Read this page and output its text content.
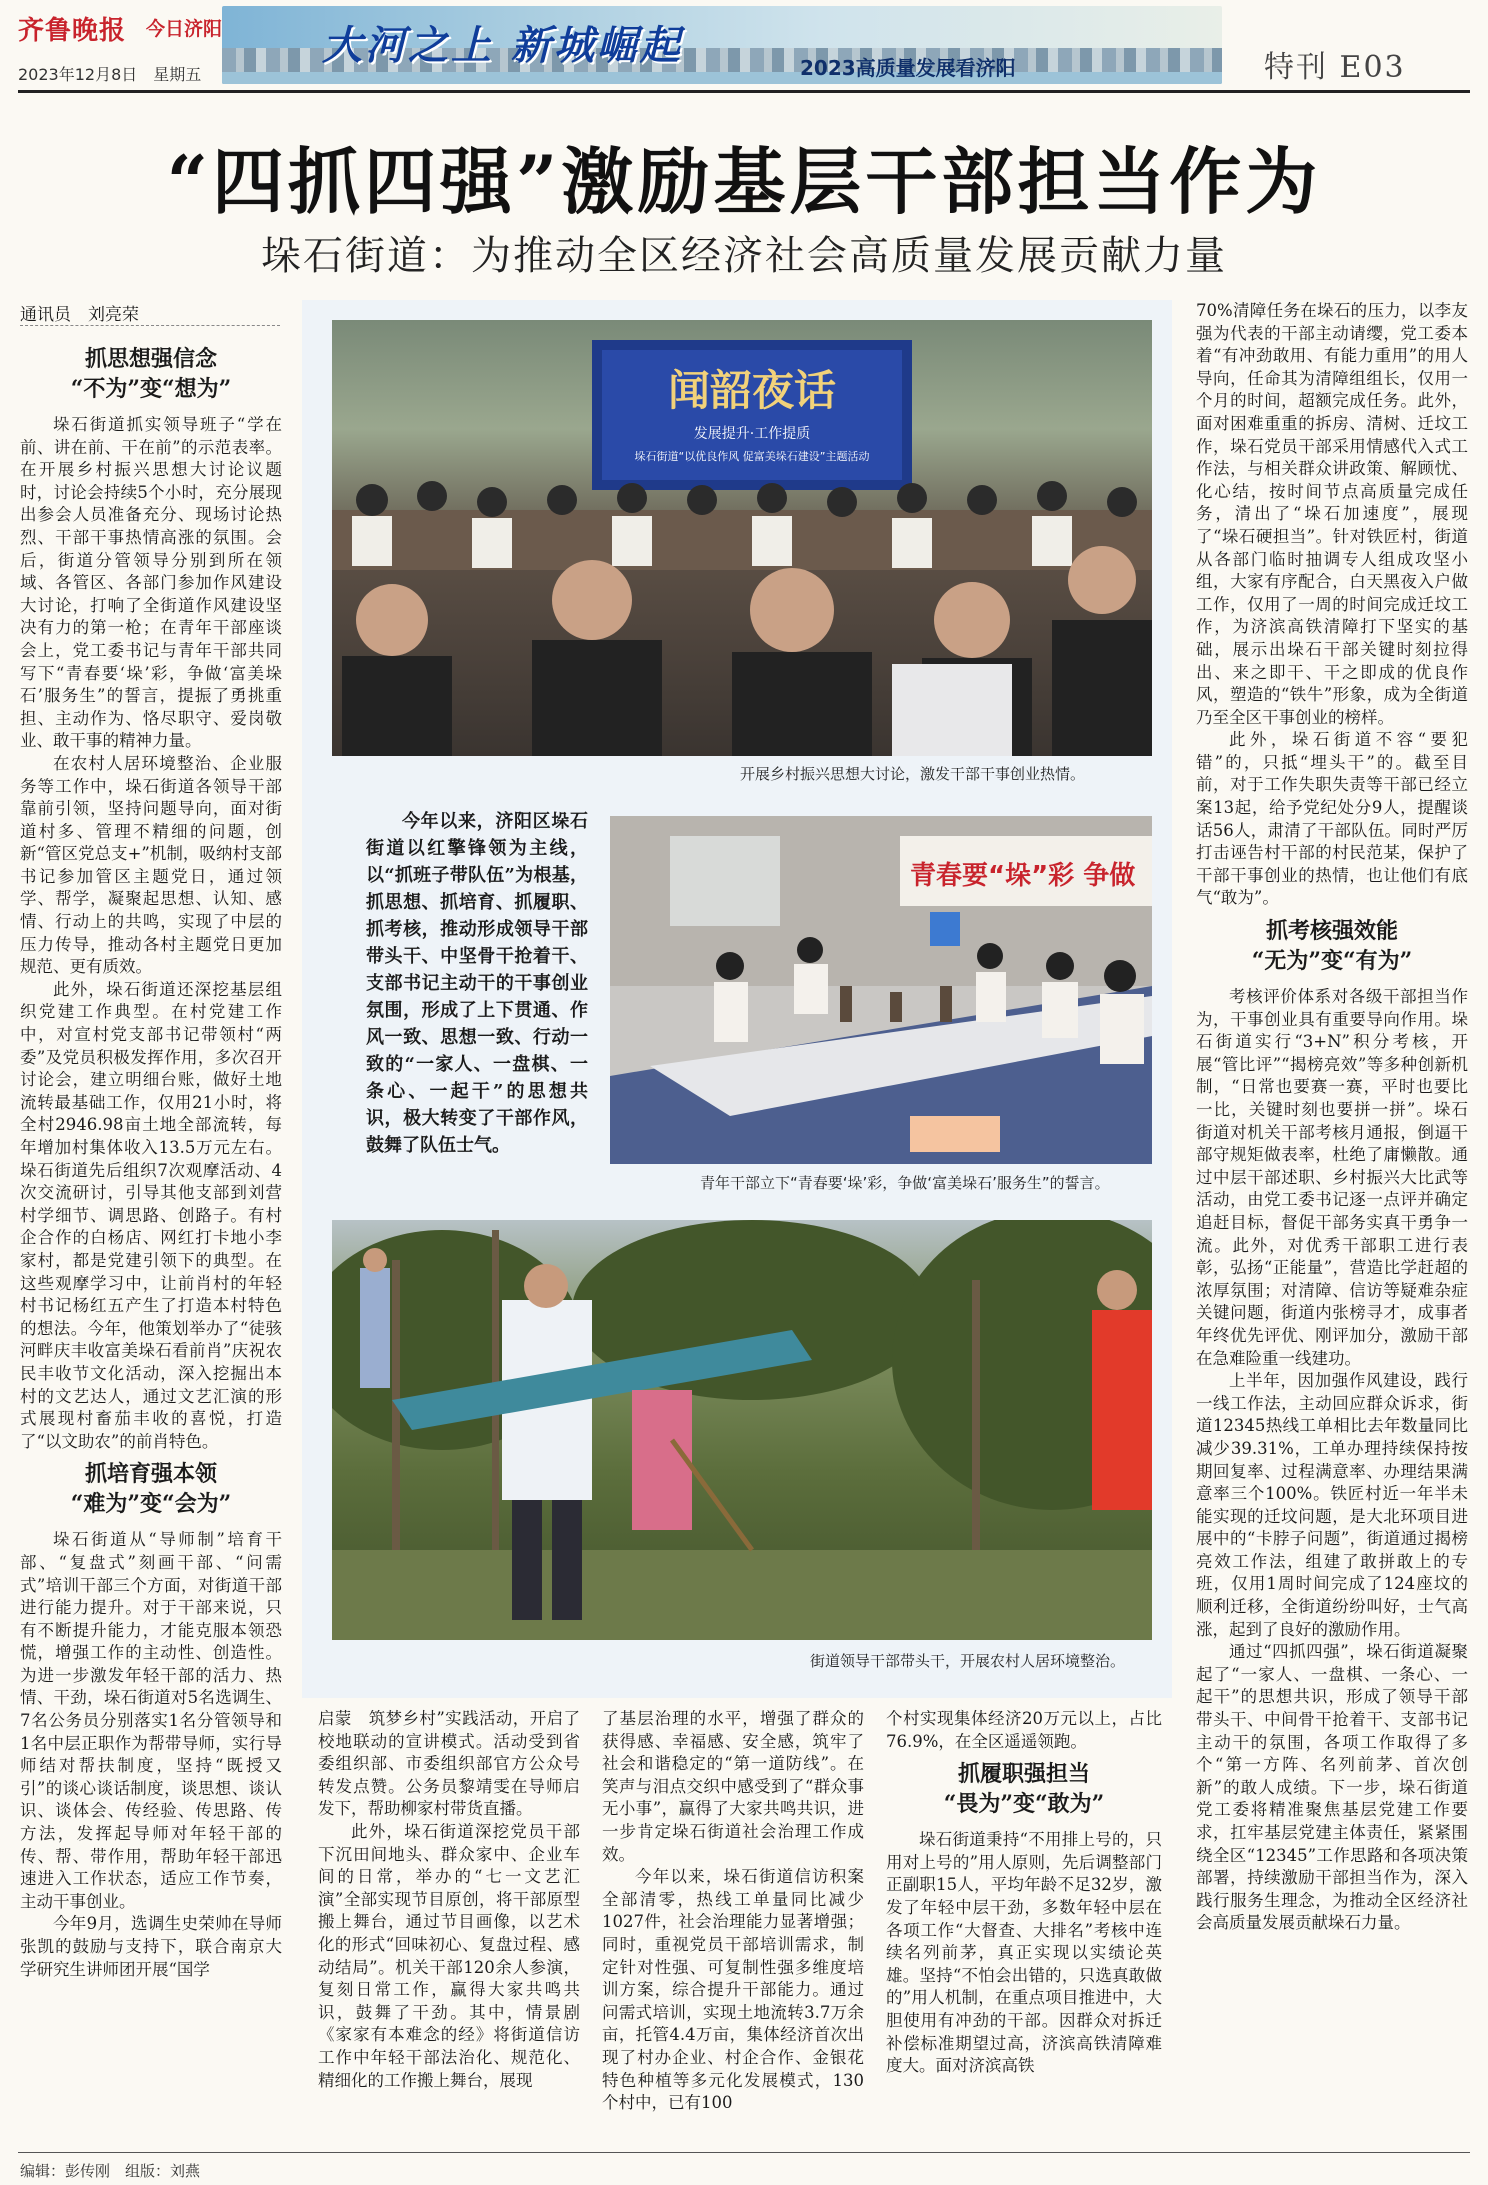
齐鲁晚报 今日济阳
2023年12月8日　 星期五
大河之上 新城崛起	2023高质量发展看济阳	特刊 E03
“四抓四强”激励基层干部担当作为
垛石街道：为推动全区经济社会高质量发展贡献力量
通讯员　刘亮荣
抓思想强信念
“不为”变“想为”

垛石街道抓实领导班子“学在前、讲在前、干在前”的示范表率。在开展乡村振兴思想大讨论议题时，讨论会持续5个小时，充分展现出参会人员准备充分、现场讨论热烈、干部干事热情高涨的氛围。会后，街道分管领导分别到所在领域、各管区、各部门参加作风建设大讨论，打响了全街道作风建设坚决有力的第一枪；在青年干部座谈会上，党工委书记与青年干部共同写下“青春要‘垛’彩，争做‘富美垛石’服务生”的誓言，提振了勇挑重担、主动作为、恪尽职守、爱岗敬业、敢干事的精神力量。

在农村人居环境整治、企业服务等工作中，垛石街道各领导干部靠前引领，坚持问题导向，面对街道村多、管理不精细的问题，创新“管区党总支+”机制，吸纳村支部书记参加管区主题党日，通过领学、帮学，凝聚起思想、认知、感情、行动上的共鸣，实现了中层的压力传导，推动各村主题党日更加规范、更有质效。

此外，垛石街道还深挖基层组织党建工作典型。在村党建工作中，对宣村党支部书记带领村“两委”及党员积极发挥作用，多次召开讨论会，建立明细台账，做好土地流转最基础工作，仅用21小时，将全村2946.98亩土地全部流转，每年增加村集体收入13.5万元左右。垛石街道先后组织7次观摩活动、4次交流研讨，引导其他支部到刘营村学细节、调思路、创路子。有村企合作的白杨店、网红打卡地小李家村，都是党建引领下的典型。在这些观摩学习中，让前肖村的年轻村书记杨红五产生了打造本村特色的想法。今年，他策划举办了“徒骇河畔庆丰收富美垛石看前肖”庆祝农民丰收节文化活动，深入挖掘出本村的文艺达人，通过文艺汇演的形式展现村畜茄丰收的喜悦，打造了“以文助农”的前肖特色。

抓培育强本领
“难为”变“会为”

垛石街道从“导师制”培育干部、“复盘式”刻画干部、“问需式”培训干部三个方面，对街道干部进行能力提升。对于干部来说，只有不断提升能力，才能克服本领恐慌，增强工作的主动性、创造性。为进一步激发年轻干部的活力、热情、干劲，垛石街道对5名选调生、7名公务员分别落实1名分管领导和1名中层正职作为帮带导师，实行导师结对帮扶制度，坚持“既授又引”的谈心谈话制度，谈思想、谈认识、谈体会、传经验、传思路、传方法，发挥起导师对年轻干部的传、帮、带作用，帮助年轻干部迅速进入工作状态，适应工作节奏，主动干事创业。

今年9月，选调生史荣帅在导师张凯的鼓励与支持下，联合南京大学研究生讲师团开展“国学

闻韶夜话
发展提升·工作提质
垛石街道“以优良作风 促富美垛石建设”主题活动
开展乡村振兴思想大讨论，激发干部干事创业热情。

今年以来，济阳区垛石街道以红擎锋领为主线，以“抓班子带队伍”为根基，抓思想、抓培育、抓履职、抓考核，推动形成领导干部带头干、中坚骨干抢着干、支部书记主动干的干事创业氛围，形成了上下贯通、作风一致、思想一致、行动一致的“一家人、一盘棋、一条心、一起干”的思想共识，极大转变了干部作风，鼓舞了队伍士气。

青春要“垛”彩 争做
青年干部立下“青春要‘垛’彩，争做‘富美垛石’服务生”的誓言。
街道领导干部带头干，开展农村人居环境整治。

启蒙　筑梦乡村”实践活动，开启了校地联动的宣讲模式。活动受到省委组织部、市委组织部官方公众号转发点赞。公务员黎靖雯在导师启发下，帮助柳家村带货直播。

此外，垛石街道深挖党员干部下沉田间地头、群众家中、企业车间的日常，举办的“七一文艺汇演”全部实现节目原创，将干部原型搬上舞台，通过节目画像，以艺术化的形式“回味初心、复盘过程、感动结局”。机关干部120余人参演，复刻日常工作，赢得大家共鸣共识，鼓舞了干劲。其中，情景剧《家家有本难念的经》将街道信访工作中年轻干部法治化、规范化、精细化的工作搬上舞台，展现

了基层治理的水平，增强了群众的获得感、幸福感、安全感，筑牢了社会和谐稳定的“第一道防线”。在笑声与泪点交织中感受到了“群众事无小事”，赢得了大家共鸣共识，进一步肯定垛石街道社会治理工作成效。

今年以来，垛石街道信访积案全部清零，热线工单量同比减少1027件，社会治理能力显著增强；同时，重视党员干部培训需求，制定针对性强、可复制性强多维度培训方案，综合提升干部能力。通过问需式培训，实现土地流转3.7万余亩，托管4.4万亩，集体经济首次出现了村办企业、村企合作、金银花特色种植等多元化发展模式，130个村中，已有100

个村实现集体经济20万元以上，占比76.9%，在全区遥遥领跑。

抓履职强担当
“畏为”变“敢为”

垛石街道秉持“不用排上号的，只用对上号的”用人原则，先后调整部门正副职15人，平均年龄不足32岁，激发了年轻中层干劲，多数年轻中层在各项工作“大督查、大排名”考核中连续名列前茅，真正实现以实绩论英雄。坚持“不怕会出错的，只选真敢做的”用人机制，在重点项目推进中，大胆使用有冲劲的干部。因群众对拆迁补偿标准期望过高，济滨高铁清障难度大。面对济滨高铁

70%清障任务在垛石的压力，以李友强为代表的干部主动请缨，党工委本着“有冲劲敢用、有能力重用”的用人导向，任命其为清障组组长，仅用一个月的时间，超额完成任务。此外，面对困难重重的拆房、清树、迁坟工作，垛石党员干部采用情感代入式工作法，与相关群众讲政策、解顾忧、化心结，按时间节点高质量完成任务，清出了“垛石加速度”，展现了“垛石硬担当”。针对铁匠村，街道从各部门临时抽调专人组成攻坚小组，大家有序配合，白天黑夜入户做工作，仅用了一周的时间完成迁坟工作，为济滨高铁清障打下坚实的基础，展示出垛石干部关键时刻拉得出、来之即干、干之即成的优良作风，塑造的“铁牛”形象，成为全街道乃至全区干事创业的榜样。

此外，垛石街道不容“要犯错”的，只抵“埋头干”的。截至目前，对于工作失职失责等干部已经立案13起，给予党纪处分9人，提醒谈话56人，肃清了干部队伍。同时严厉打击诬告村干部的村民范某，保护了干部干事创业的热情，也让他们有底气“敢为”。

抓考核强效能
“无为”变“有为”

考核评价体系对各级干部担当作为，干事创业具有重要导向作用。垛石街道实行“3+N”积分考核，开展“管比评”“揭榜亮效”等多种创新机制，“日常也要赛一赛，平时也要比一比，关键时刻也要拼一拼”。垛石街道对机关干部考核月通报，倒逼干部守规矩做表率，杜绝了庸懒散。通过中层干部述职、乡村振兴大比武等活动，由党工委书记逐一点评并确定追赶目标，督促干部务实真干勇争一流。此外，对优秀干部职工进行表彰，弘扬“正能量”，营造比学赶超的浓厚氛围；对清障、信访等疑难杂症关键问题，街道内张榜寻才，成事者年终优先评优、刚评加分，激励干部在急难险重一线建功。

上半年，因加强作风建设，践行一线工作法，主动回应群众诉求，街道12345热线工单相比去年数量同比减少39.31%，工单办理持续保持按期回复率、过程满意率、办理结果满意率三个100%。铁匠村近一年半未能实现的迁坟问题，是大北环项目进展中的“卡脖子问题”，街道通过揭榜亮效工作法，组建了敢拼敢上的专班，仅用1周时间完成了124座坟的顺利迁移，全街道纷纷叫好，士气高涨，起到了良好的激励作用。

通过“四抓四强”，垛石街道凝聚起了“一家人、一盘棋、一条心、一起干”的思想共识，形成了领导干部带头干、中间骨干抢着干、支部书记主动干的氛围，各项工作取得了多个“第一方阵、名列前茅、首次创新”的敢人成绩。下一步，垛石街道党工委将精准聚焦基层党建工作要求，扛牢基层党建主体责任，紧紧围绕全区“12345”工作思路和各项决策部署，持续激励干部担当作为，深入践行服务生理念，为推动全区经济社会高质量发展贡献垛石力量。

编辑：彭传刚　 组版：刘燕
